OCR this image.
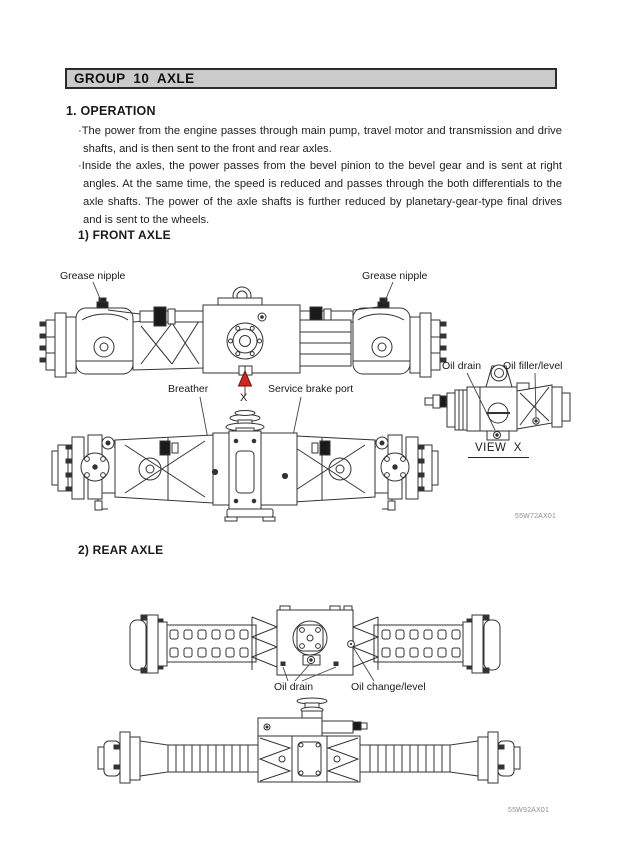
GROUP 10 AXLE
1. OPERATION

·The power from the engine passes through main pump, travel motor and transmission and drive shafts, and is then sent to the front and rear axles.

·Inside the axles, the power passes from the bevel pinion to the bevel gear and is sent at right angles. At the same time, the speed is reduced and passes through the both differentials to the axle shafts. The power of the axle shafts is further reduced by planetary-gear-type final drives and is sent to the wheels.

1) FRONT AXLE
Grease nipple	Grease nipple
Breather
X
Service brake port
Oil drain Oil filler/level
VIEW  X
55W72AX01
2) REAR AXLE
Oil drain	Oil change/level
55W92AX01
